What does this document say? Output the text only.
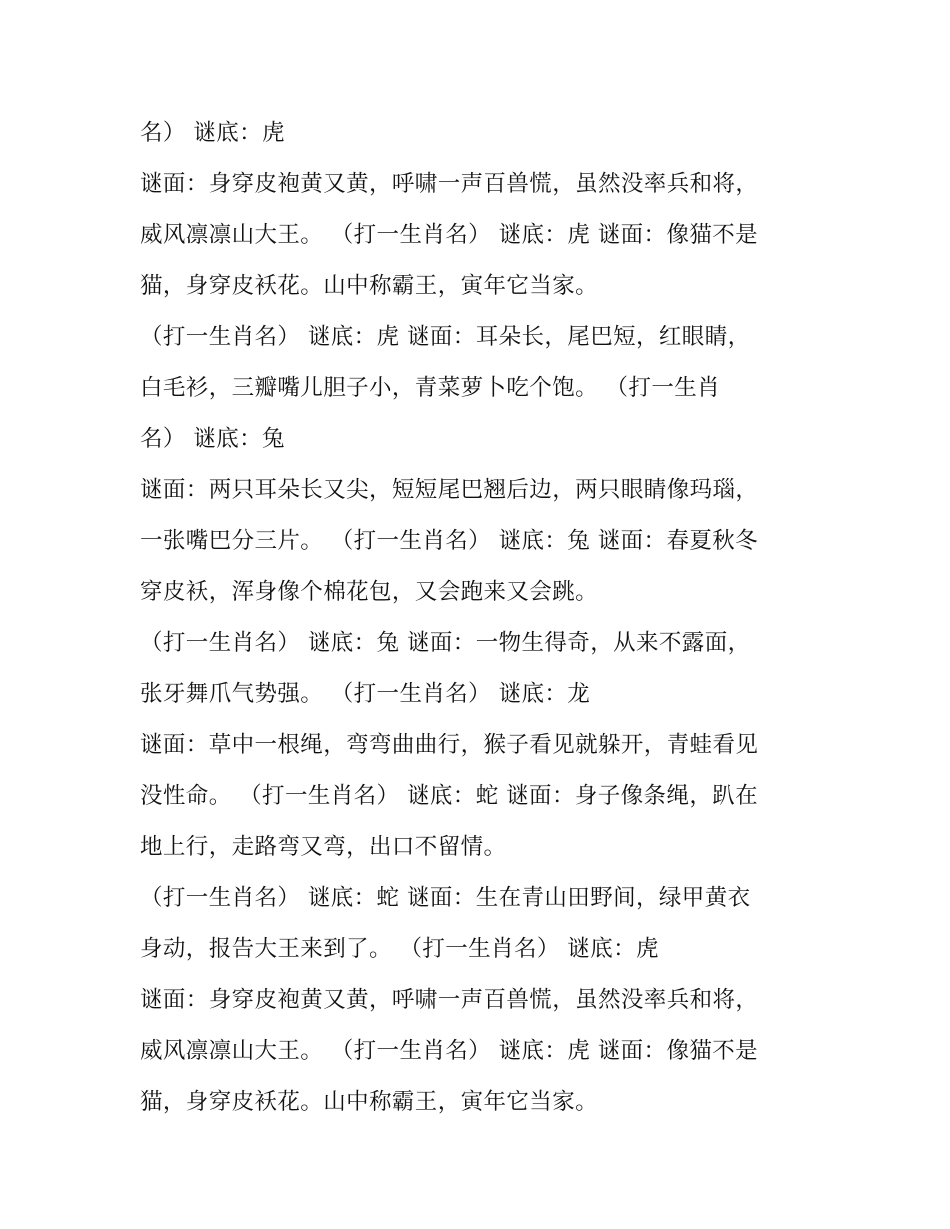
名） 谜底：虎
谜面：身穿皮袍黄又黄，呼啸一声百兽慌，虽然没率兵和将，
威风凛凛山大王。 （打一生肖名） 谜底：虎 谜面：像猫不是
猫，身穿皮袄花。山中称霸王，寅年它当家。
（打一生肖名） 谜底：虎 谜面：耳朵长，尾巴短，红眼睛，
白毛衫，三瓣嘴儿胆子小，青菜萝卜吃个饱。 （打一生肖
名） 谜底：兔
谜面：两只耳朵长又尖，短短尾巴翘后边，两只眼睛像玛瑙，
一张嘴巴分三片。 （打一生肖名） 谜底：兔 谜面：春夏秋冬
穿皮袄，浑身像个棉花包，又会跑来又会跳。
（打一生肖名） 谜底：兔 谜面：一物生得奇，从来不露面，
张牙舞爪气势强。 （打一生肖名） 谜底：龙
谜面：草中一根绳，弯弯曲曲行，猴子看见就躲开，青蛙看见
没性命。 （打一生肖名） 谜底：蛇 谜面：身子像条绳，趴在
地上行，走路弯又弯，出口不留情。
（打一生肖名） 谜底：蛇 谜面：生在青山田野间，绿甲黄衣
身动，报告大王来到了。 （打一生肖名） 谜底：虎
谜面：身穿皮袍黄又黄，呼啸一声百兽慌，虽然没率兵和将，
威风凛凛山大王。 （打一生肖名） 谜底：虎 谜面：像猫不是
猫，身穿皮袄花。山中称霸王，寅年它当家。
